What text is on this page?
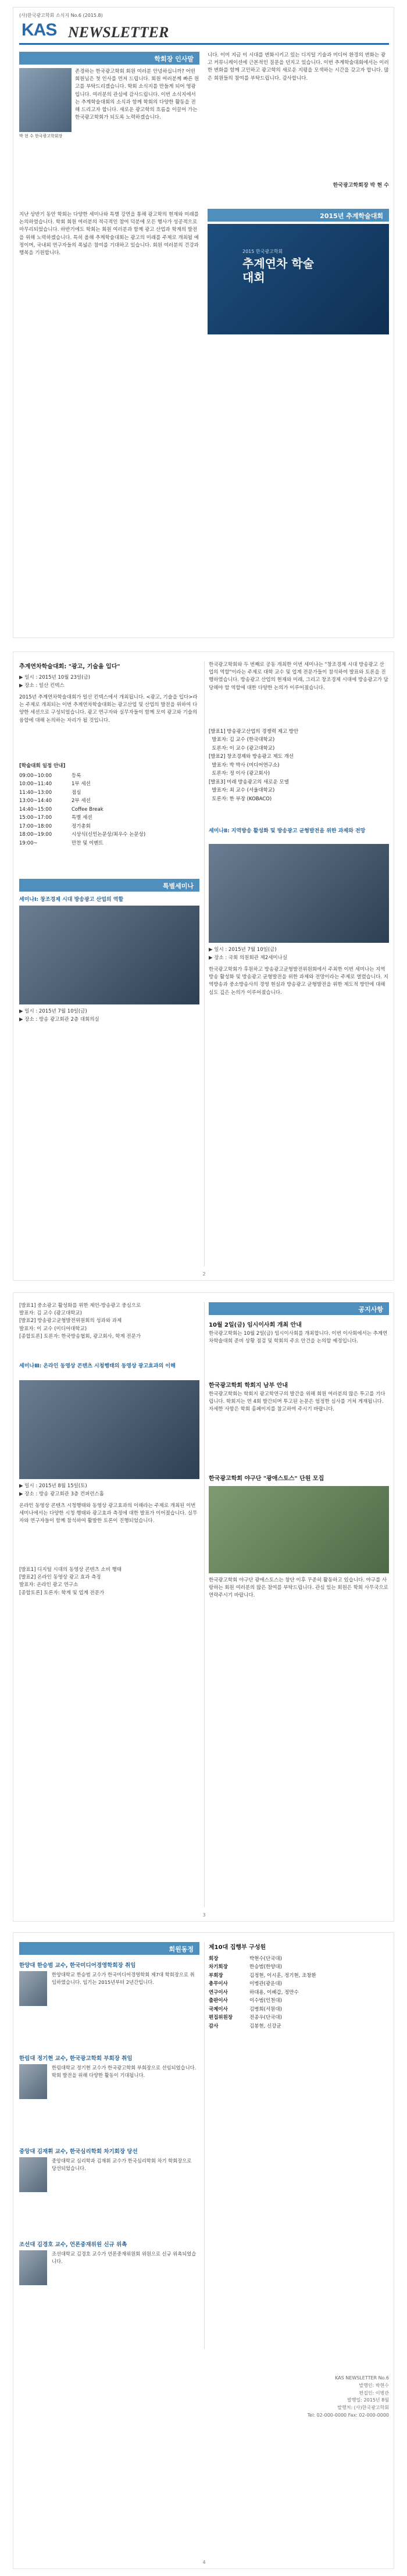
(사)한국광고학회 소식지 No.6 (2015.8)
KAS NEWSLETTER
학회장 인사말
박 현 수 한국광고학회장
존경하는 한국광고학회 회원 여러분 안녕하십니까? 어떤 회원님은 첫 인사를 먼저 드립니다. 회원 여러분께 빠른 원고를 부탁드리겠습니다. 학회 소식지를 만들게 되어 영광입니다. 여러분의 관심에 감사드립니다. 이번 소식지에서는 추계학술대회의 소식과 함께 학회의 다양한 활동을 전해 드리고자 합니다. 새로운 광고학의 흐름을 이끌어 가는 한국광고학회가 되도록 노력하겠습니다.
지난 상반기 동안 학회는 다양한 세미나와 특별 강연을 통해 광고학의 현재와 미래를 논의하였습니다. 학회 회원 여러분의 적극적인 참여 덕분에 모든 행사가 성공적으로 마무리되었습니다. 하반기에도 학회는 회원 여러분과 함께 광고 산업과 학계의 발전을 위해 노력하겠습니다. 특히 올해 추계학술대회는 광고의 미래를 주제로 개최될 예정이며, 국내외 연구자들의 폭넓은 참여를 기대하고 있습니다. 회원 여러분의 건강과 행복을 기원합니다.
니다. 이미 지금 이 시대를 변화시키고 있는 디지털 기술과 미디어 환경의 변화는 광고 커뮤니케이션에 근본적인 질문을 던지고 있습니다. 이번 추계학술대회에서는 이러한 변화를 함께 고민하고 광고학의 새로운 지평을 모색하는 시간을 갖고자 합니다. 많은 회원들의 참여를 부탁드립니다. 감사합니다.
한국광고학회장 박 현 수
2015년 추계학술대회
2015 한국광고학회
추계연차 학술대회
추계연차학술대회: "광고, 기술을 입다"
▶ 일시 : 2015년 10월 23일(금)
▶ 장소 : 일산 킨텍스
2015년 추계연차학술대회가 일산 킨텍스에서 개최됩니다. <광고, 기술을 입다>라는 주제로 개최되는 이번 추계연차학술대회는 광고산업 및 산업의 발전을 위하여 다양한 세션으로 구성되었습니다. 광고 연구자와 실무자들이 함께 모여 광고와 기술의 융합에 대해 논의하는 자리가 될 것입니다.
[학술대회 일정 안내]
09:00~10:00	등록
10:00~11:40	1부 세션
11:40~13:00	점심
13:00~14:40	2부 세션
14:40~15:00	Coffee Break
15:00~17:00	특별 세션
17:00~18:00	정기총회
18:00~19:00	시상식(신인논문상/최우수 논문상)
19:00~	만찬 및 이벤트
특별세미나
세미나Ⅰ: 창조경제 시대 방송광고 산업의 역할
▶ 일시 : 2015년 7월 10일(금)
▶ 장소 : 방송 광고회관 2층 대회의실
한국광고학회와 두 번째로 공동 개최한 이번 세미나는 "창조경제 시대 방송광고 산업의 역할"이라는 주제로 대학 교수 및 업계 전문가들이 참석하여 발표와 토론을 진행하였습니다. 방송광고 산업의 현재와 미래, 그리고 창조경제 시대에 방송광고가 담당해야 할 역할에 대한 다양한 논의가 이루어졌습니다.
[발표1] 방송광고산업의 경쟁력 제고 방안
발표자: 김 교수 (한국대학교)
토론자: 이 교수 (광고대학교)
[발표2] 창조경제와 방송광고 제도 개선
발표자: 박 박사 (미디어연구소)
토론자: 정 이사 (광고회사)
[발표3] 미래 방송광고의 새로운 모델
발표자: 최 교수 (서울대학교)
토론자: 한 부장 (KOBACO)
세미나Ⅱ: 지역방송 활성화 및 방송광고 균형발전을 위한 과제와 전망
▶ 일시 : 2015년 7월 10일(금)
▶ 장소 : 국회 의원회관 제2세미나실
한국광고학회가 후원하고 방송광고균형발전위원회에서 주최한 이번 세미나는 지역방송 활성화 및 방송광고 균형발전을 위한 과제와 전망이라는 주제로 열렸습니다. 지역방송과 중소방송사의 경영 현실과 방송광고 균형발전을 위한 제도적 방안에 대해 심도 깊은 논의가 이루어졌습니다.
2
[발표1] 중소광고 활성화를 위한 제언-방송광고 중심으로
발표자: 김 교수 (광고대학교)
[발표2] 방송광고균형발전위원회의 성과와 과제
발표자: 이 교수 (미디어대학교)
[종합토론] 토론자: 한국방송협회, 광고회사, 학계 전문가
세미나Ⅲ: 온라인 동영상 콘텐츠 시청행태의 동영상 광고효과의 이해
▶ 일시 : 2015년 8월 15일(토)
▶ 장소 : 방송 광고회관 3층 컨퍼런스홀
온라인 동영상 콘텐츠 시청행태와 동영상 광고효과의 이해라는 주제로 개최된 이번 세미나에서는 다양한 시청 행태와 광고효과 측정에 대한 발표가 이어졌습니다. 실무자와 연구자들이 함께 참석하여 활발한 토론이 진행되었습니다.
[발표1] 디지털 시대의 동영상 콘텐츠 소비 행태
[발표2] 온라인 동영상 광고 효과 측정
발표자: 온라인 광고 연구소
[종합토론] 토론자: 학계 및 업계 전문가
공지사항
10월 2일(금) 임시이사회 개최 안내
한국광고학회는 10월 2일(금) 임시이사회를 개최합니다. 이번 이사회에서는 추계연차학술대회 준비 상황 점검 및 학회의 주요 안건을 논의할 예정입니다.
한국광고학회 학회지 남부 안내
한국광고학회는 학회지 광고학연구의 발간을 위해 회원 여러분의 많은 투고를 기다립니다. 학회지는 연 4회 발간되며 투고된 논문은 엄정한 심사를 거쳐 게재됩니다. 자세한 사항은 학회 홈페이지를 참고하여 주시기 바랍니다.
한국광고학회 야구단 "광애스토스" 단원 모집
한국광고학회 야구단 광애스토스는 창단 이후 꾸준히 활동하고 있습니다. 야구를 사랑하는 회원 여러분의 많은 참여를 부탁드립니다. 관심 있는 회원은 학회 사무국으로 연락주시기 바랍니다.
3
회원동정
한양대 한승범 교수, 한국미디어경영학회장 취임
한양대학교 한승범 교수가 한국미디어경영학회 제7대 학회장으로 취임하였습니다. 임기는 2015년부터 2년간입니다.
한림대 정기현 교수, 한국광고학회 부회장 취임
한림대학교 정기현 교수가 한국광고학회 부회장으로 선임되었습니다. 학회 발전을 위해 다양한 활동이 기대됩니다.
중앙대 김재휘 교수, 한국심리학회 차기회장 당선
중앙대학교 심리학과 김재휘 교수가 한국심리학회 차기 학회장으로 당선되었습니다.
조선대 김경호 교수, 언론중재위원 신규 위촉
조선대학교 김경호 교수가 언론중재위원회 위원으로 신규 위촉되었습니다.
제10대 집행부 구성원
회장	박현수(단국대)
차기회장	한승범(한양대)
부회장	김정현, 이시훈, 정기현, 조창환
총무이사	이병관(광운대)
연구이사	하대용, 이혜갑, 정만수
출판이사	이수범(인천대)
국제이사	김병희(서원대)
편집위원장	전종우(단국대)
감사	김봉현, 신강균
KAS NEWSLETTER No.6
발행인: 박현수
편집인: 이병관
발행일: 2015년 8월
발행처: (사)한국광고학회
Tel: 02-000-0000 Fax: 02-000-0000
4
